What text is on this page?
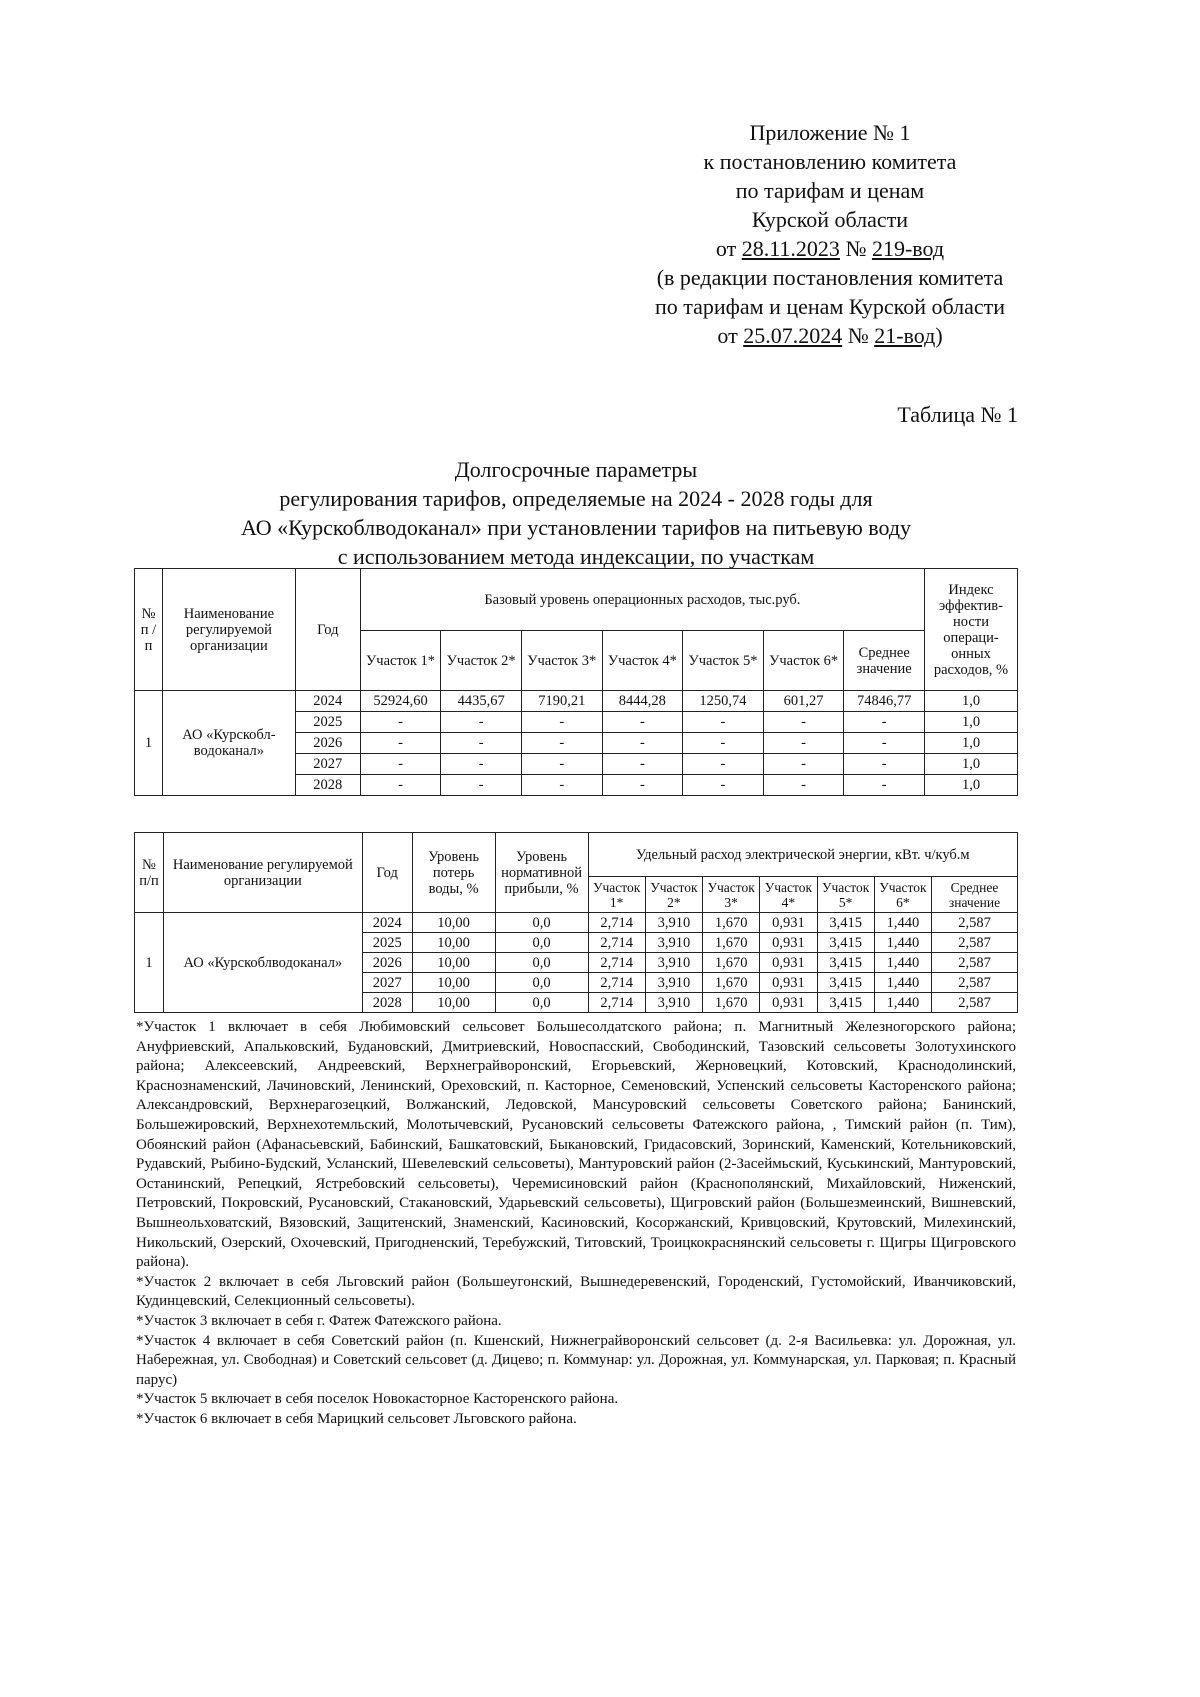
Приложение № 1
к постановлению комитета
по тарифам и ценам
Курской области
от 28.11.2023 № 219-вод
(в редакции постановления комитета
по тарифам и ценам Курской области
от 25.07.2024 № 21-вод)
Таблица № 1
Долгосрочные параметры
регулирования тарифов, определяемые на 2024 - 2028 годы для
АО «Курскоблводоканал» при установлении тарифов на питьевую воду
с использованием метода индексации, по участкам
№ п / п	Наименование регулируемой организации	Год	Базовый уровень операционных расходов, тыс.руб.							Индекс эффектив-ности операци-онных расходов, %
			Участок 1*	Участок 2*	Участок 3*	Участок 4*	Участок 5*	Участок 6*	Среднее значение	
1	АО «Курскобл-водоканал»	2024	52924,60	4435,67	7190,21	8444,28	1250,74	601,27	74846,77	1,0
		2025	-	-	-	-	-	-	-	1,0
		2026	-	-	-	-	-	-	-	1,0
		2027	-	-	-	-	-	-	-	1,0
		2028	-	-	-	-	-	-	-	1,0
№ п/п	Наименование регулируемой организации	Год	Уровень потерь воды, %	Уровень нормативной прибыли, %	Удельный расход электрической энергии, кВт. ч/куб.м						
					Участок 1*	Участок 2*	Участок 3*	Участок 4*	Участок 5*	Участок 6*	Среднее значение
1	АО «Курскоблводоканал»	2024	10,00	0,0	2,714	3,910	1,670	0,931	3,415	1,440	2,587
		2025	10,00	0,0	2,714	3,910	1,670	0,931	3,415	1,440	2,587
		2026	10,00	0,0	2,714	3,910	1,670	0,931	3,415	1,440	2,587
		2027	10,00	0,0	2,714	3,910	1,670	0,931	3,415	1,440	2,587
		2028	10,00	0,0	2,714	3,910	1,670	0,931	3,415	1,440	2,587

*Участок 1 включает в себя Любимовский сельсовет Большесолдатского района; п. Магнитный Железногорского района; Ануфриевский, Апальковский, Будановский, Дмитриевский, Новоспасский, Свободинский, Тазовский сельсоветы Золотухинского района; Алексеевский, Андреевский, Верхнеграйворонский, Егорьевский, Жерновецкий, Котовский, Краснодолинский, Краснознаменский, Лачиновский, Ленинский, Ореховский, п. Касторное, Семеновский, Успенский сельсоветы Касторенского района; Александровский, Верхнерагозецкий, Волжанский, Ледовской, Мансуровский сельсоветы Советского района; Банинский, Большежировский, Верхнехотемльский, Молотычевский, Русановский сельсоветы Фатежского района, , Тимский район (п. Тим), Обоянский район (Афанасьевский, Бабинский, Башкатовский, Быкановский, Гридасовский, Зоринский, Каменский, Котельниковский, Рудавский, Рыбино-Будский, Усланский, Шевелевский сельсоветы), Мантуровский район (2-Засеймьский, Куськинский, Мантуровский, Останинский, Репецкий, Ястребовский сельсоветы), Черемисиновский район (Краснополянский, Михайловский, Ниженский, Петровский, Покровский, Русановский, Стакановский, Ударьевский сельсоветы), Щигровский район (Большезмеинский, Вишневский, Вышнеольховатский, Вязовский, Защитенский, Знаменский, Касиновский, Косоржанский, Кривцовский, Крутовский, Милехинский, Никольский, Озерский, Охочевский, Пригодненский, Теребужский, Титовский, Троицкокраснянский сельсоветы г. Щигры Щигровского района).

*Участок 2 включает в себя Льговский район (Большеугонский, Вышнедеревенский, Городенский, Густомойский, Иванчиковский, Кудинцевский, Селекционный сельсоветы).

*Участок 3 включает в себя г. Фатеж Фатежского района.

*Участок 4 включает в себя Советский район (п. Кшенский, Нижнеграйворонский сельсовет (д. 2-я Васильевка: ул. Дорожная, ул. Набережная, ул. Свободная) и Советский сельсовет (д. Дицево; п. Коммунар: ул. Дорожная, ул. Коммунарская, ул. Парковая; п. Красный парус)

*Участок 5 включает в себя поселок Новокасторное Касторенского района.

*Участок 6 включает в себя Марицкий сельсовет Льговского района.
